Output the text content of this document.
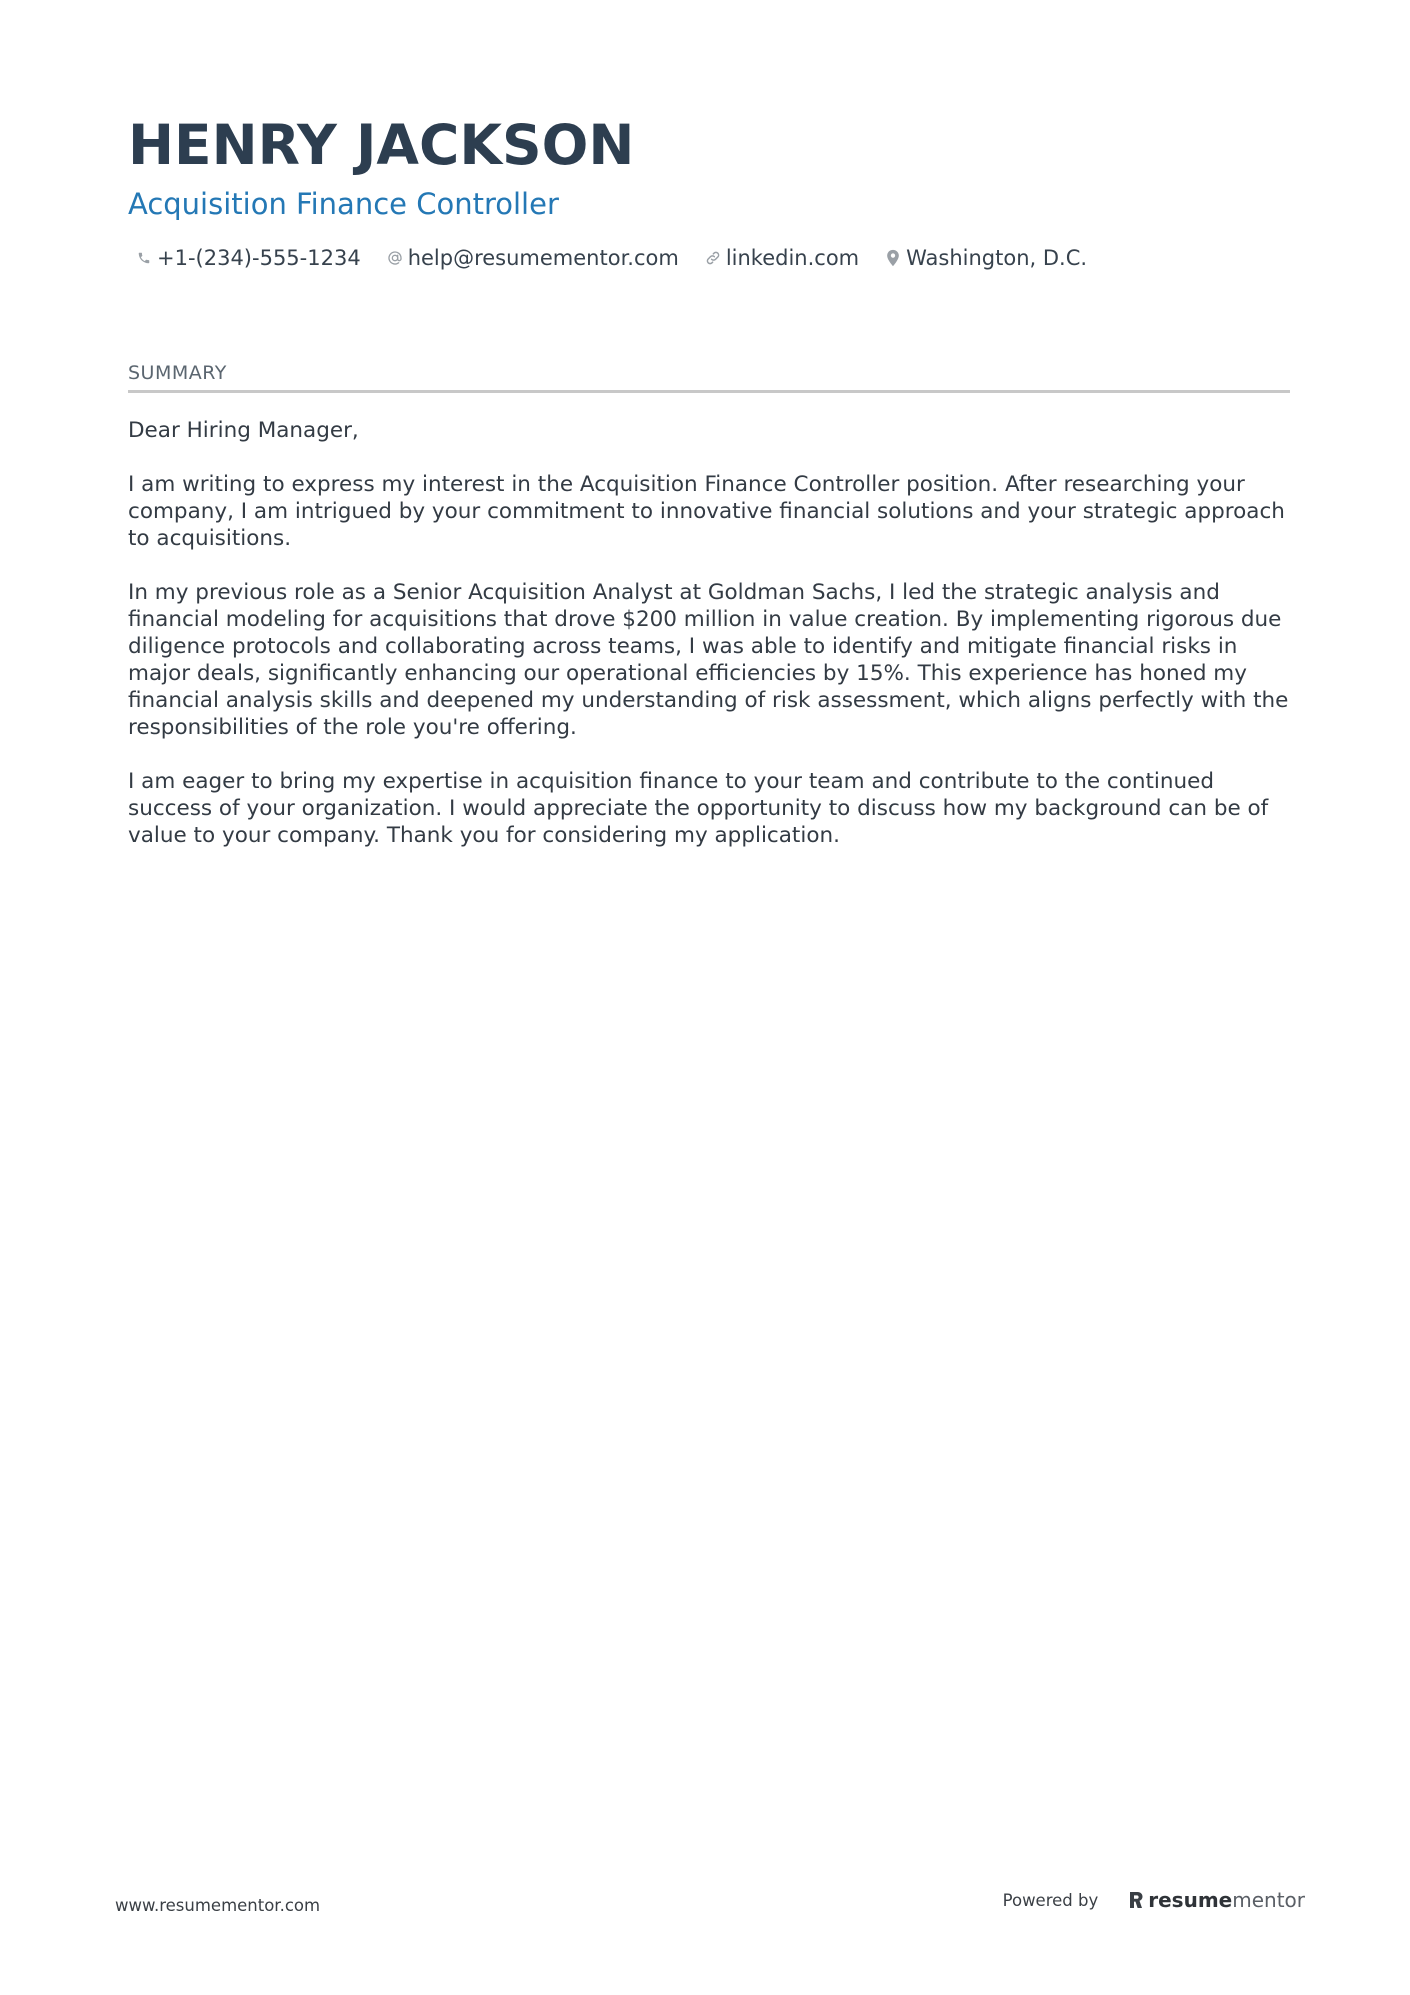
HENRY JACKSON
Acquisition Finance Controller
+1-(234)-555-1234 help@resumementor.com linkedin.com Washington, D.C.
SUMMARY

Dear Hiring Manager,

I am writing to express my interest in the Acquisition Finance Controller position. After researching your company, I am intrigued by your commitment to innovative financial solutions and your strategic approach to acquisitions.

In my previous role as a Senior Acquisition Analyst at Goldman Sachs, I led the strategic analysis and financial modeling for acquisitions that drove $200 million in value creation. By implementing rigorous due diligence protocols and collaborating across teams, I was able to identify and mitigate financial risks in major deals, significantly enhancing our operational efficiencies by 15%. This experience has honed my financial analysis skills and deepened my understanding of risk assessment, which aligns perfectly with the responsibilities of the role you're offering.

I am eager to bring my expertise in acquisition finance to your team and contribute to the continued success of your organization. I would appreciate the opportunity to discuss how my background can be of value to your company. Thank you for considering my application.

www.resumementor.com	Powered by	resume mentor
